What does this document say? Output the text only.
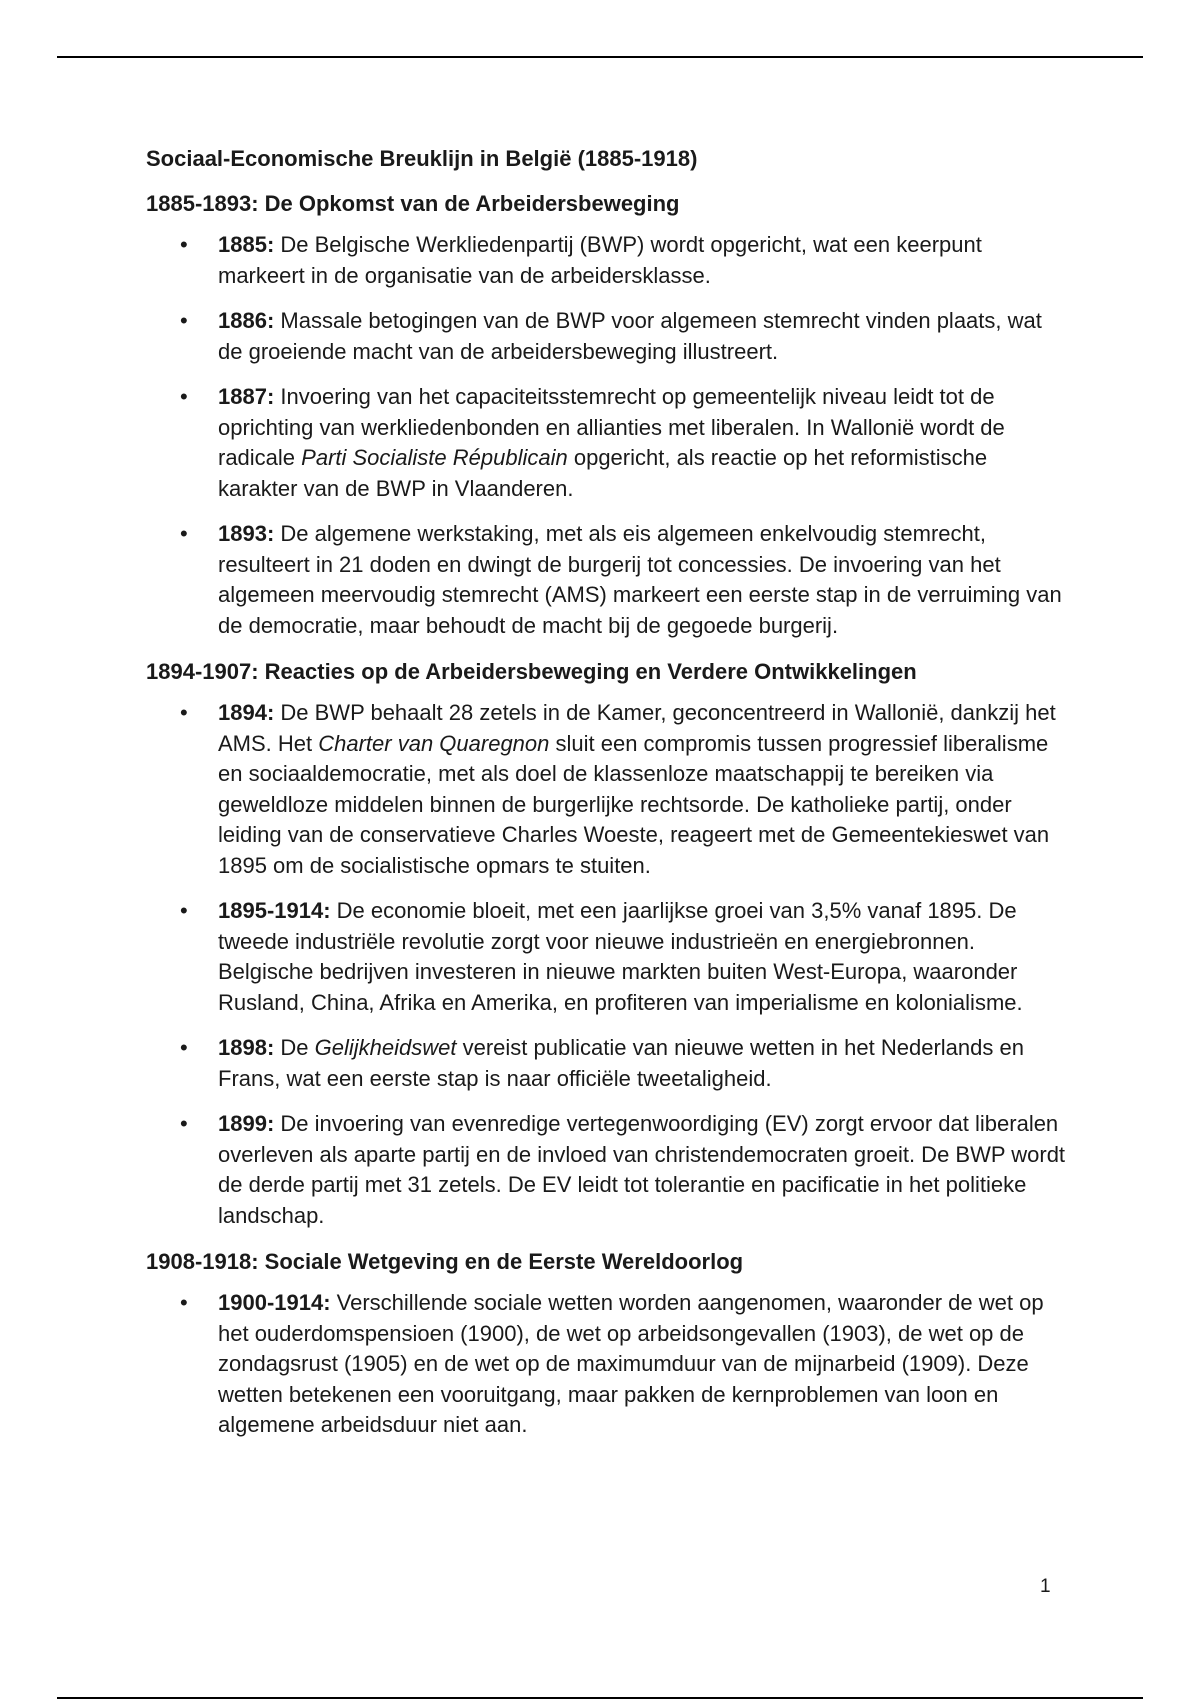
Sociaal-Economische Breuklijn in België (1885-1918)
1885-1893: De Opkomst van de Arbeidersbeweging
• 1885: De Belgische Werkliedenpartij (BWP) wordt opgericht, wat een keerpunt markeert in de organisatie van de arbeidersklasse.
• 1886: Massale betogingen van de BWP voor algemeen stemrecht vinden plaats, wat de groeiende macht van de arbeidersbeweging illustreert.
• 1887: Invoering van het capaciteitsstemrecht op gemeentelijk niveau leidt tot de oprichting van werkliedenbonden en allianties met liberalen. In Wallonië wordt de radicale Parti Socialiste Républicain opgericht, als reactie op het reformistische karakter van de BWP in Vlaanderen.
• 1893: De algemene werkstaking, met als eis algemeen enkelvoudig stemrecht, resulteert in 21 doden en dwingt de burgerij tot concessies. De invoering van het algemeen meervoudig stemrecht (AMS) markeert een eerste stap in de verruiming van de democratie, maar behoudt de macht bij de gegoede burgerij.
1894-1907: Reacties op de Arbeidersbeweging en Verdere Ontwikkelingen
• 1894: De BWP behaalt 28 zetels in de Kamer, geconcentreerd in Wallonië, dankzij het AMS. Het Charter van Quaregnon sluit een compromis tussen progressief liberalisme en sociaaldemocratie, met als doel de klassenloze maatschappij te bereiken via geweldloze middelen binnen de burgerlijke rechtsorde. De katholieke partij, onder leiding van de conservatieve Charles Woeste, reageert met de Gemeentekieswet van 1895 om de socialistische opmars te stuiten.
• 1895-1914: De economie bloeit, met een jaarlijkse groei van 3,5% vanaf 1895. De tweede industriële revolutie zorgt voor nieuwe industrieën en energiebronnen. Belgische bedrijven investeren in nieuwe markten buiten West-Europa, waaronder Rusland, China, Afrika en Amerika, en profiteren van imperialisme en kolonialisme.
• 1898: De Gelijkheidswet vereist publicatie van nieuwe wetten in het Nederlands en Frans, wat een eerste stap is naar officiële tweetaligheid.
• 1899: De invoering van evenredige vertegenwoordiging (EV) zorgt ervoor dat liberalen overleven als aparte partij en de invloed van christendemocraten groeit. De BWP wordt de derde partij met 31 zetels. De EV leidt tot tolerantie en pacificatie in het politieke landschap.
1908-1918: Sociale Wetgeving en de Eerste Wereldoorlog
• 1900-1914: Verschillende sociale wetten worden aangenomen, waaronder de wet op het ouderdomspensioen (1900), de wet op arbeidsongevallen (1903), de wet op de zondagsrust (1905) en de wet op de maximumduur van de mijnarbeid (1909). Deze wetten betekenen een vooruitgang, maar pakken de kernproblemen van loon en algemene arbeidsduur niet aan.
1
